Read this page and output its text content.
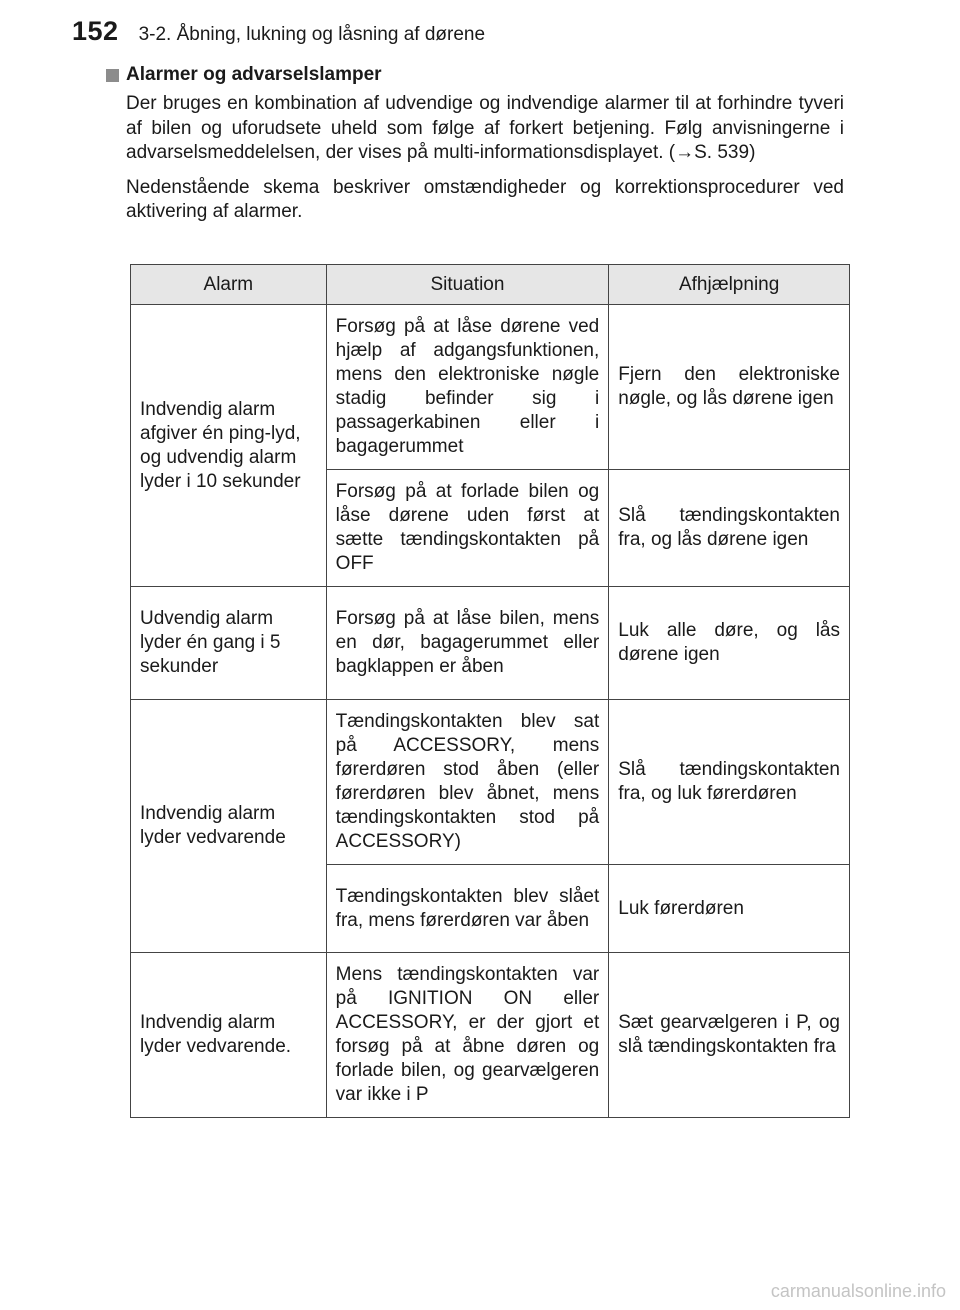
152 3-2. Åbning, lukning og låsning af dørene
Alarmer og advarselslamper

Der bruges en kombination af udvendige og indvendige alarmer til at forhindre tyveri af bilen og uforudsete uheld som følge af forkert betjening. Følg anvisningerne i advarselsmeddelelsen, der vises på multi-informationsdisplayet. (→S. 539)

Nedenstående skema beskriver omstændigheder og korrektionsprocedurer ved aktivering af alarmer.

Alarm	Situation	Afhjælpning
Indvendig alarm afgiver én ping-lyd, og udvendig alarm lyder i 10 sekunder	Forsøg på at låse dørene ved hjælp af adgangsfunktionen, mens den elektroniske nøgle stadig befinder sig i passagerkabinen eller i bagagerummet	Fjern den elektroniske nøgle, og lås dørene igen
	Forsøg på at forlade bilen og låse dørene uden først at sætte tændingskontakten på OFF	Slå tændingskontakten fra, og lås dørene igen
Udvendig alarm lyder én gang i 5 sekunder	Forsøg på at låse bilen, mens en dør, bagagerummet eller bagklappen er åben	Luk alle døre, og lås dørene igen
Indvendig alarm lyder vedvarende	Tændingskontakten blev sat på ACCESSORY, mens førerdøren stod åben (eller førerdøren blev åbnet, mens tændingskontakten stod på ACCESSORY)	Slå tændingskontakten fra, og luk førerdøren
	Tændingskontakten blev slået fra, mens førerdøren var åben	Luk førerdøren
Indvendig alarm lyder vedvarende.	Mens tændingskontakten var på IGNITION ON eller ACCESSORY, er der gjort et forsøg på at åbne døren og forlade bilen, og gearvælgeren var ikke i P	Sæt gearvælgeren i P, og slå tændingskontakten fra
carmanualsonline.info
